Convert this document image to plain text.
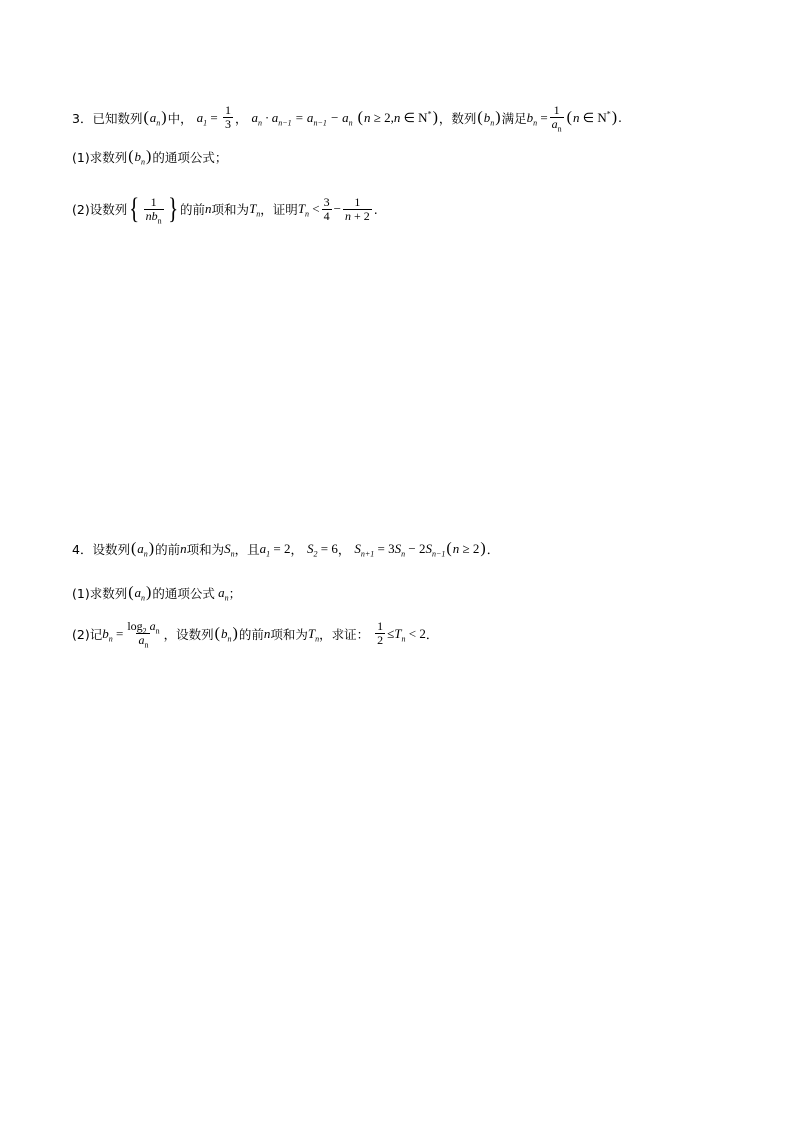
3． 已知数列 ( $a_n$ ) 中， $a_1 = \frac{1}{3}$ ， $a_n \cdot a_{n-1} = a_{n-1} - a_n$ ( n ≥ 2, n ∈ N* ) ，数列 ( $b_n$ ) 满足 $b_n = \frac{1}{a_n}$ ( n ∈ N* ) .
(1)求数列 ( $b_n$ ) 的通项公式；
(2)设数列 { $\frac{1}{nb_n}$ } 的前 n 项和为 $T_n$ ，证明 $T_n < \frac{3}{4} - \frac{1}{n + 2}$ .
4． 设数列 ( $a_n$ ) 的前 n 项和为 $S_n$ ，且 $a_1 = 2$ ， $S_2 = 6$ ， $S_{n+1} = 3$ $S_n - 2$ $S_{n-1}$ ( n ≥ 2 ) ．
(1)求数列 ( $a_n$ ) 的通项公式 $a_n$ ；
(2)记 $b_n = \frac{\log_2 a_n}{a_n}$ ，设数列 ( $b_n$ ) 的前 n 项和为 $T_n$ ，求证： $\frac{1}{2} \le T_n < 2$ ．
